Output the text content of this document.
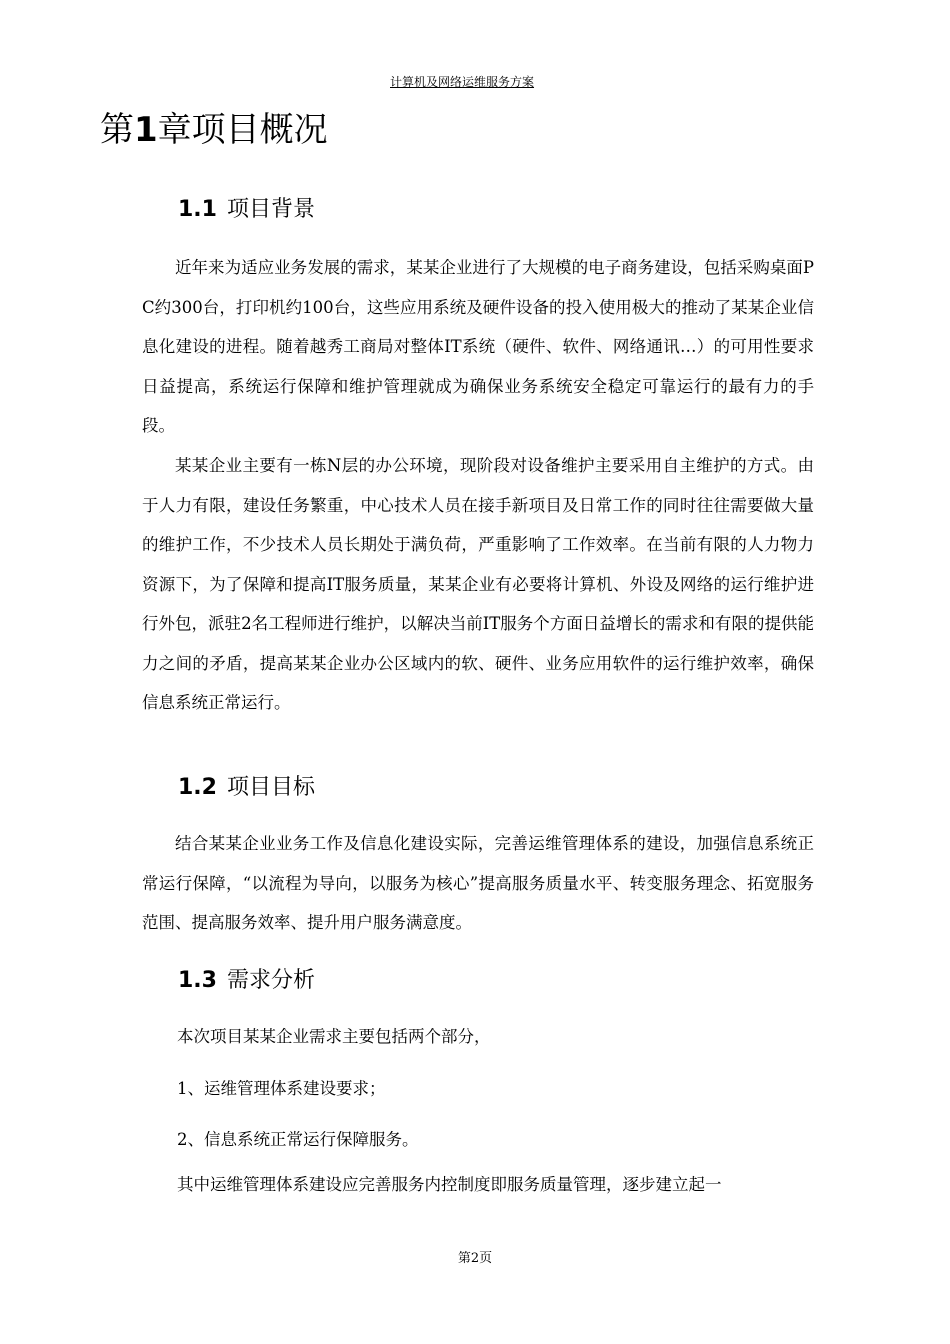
计算机及网络运维服务方案
第1章项目概况
1.1 项目背景

近年来为适应业务发展的需求，某某企业进行了大规模的电子商务建设，包括采购桌面PC约300台，打印机约100台，这些应用系统及硬件设备的投入使用极大的推动了某某企业信息化建设的进程。随着越秀工商局对整体IT系统（硬件、软件、网络通讯…）的可用性要求日益提高，系统运行保障和维护管理就成为确保业务系统安全稳定可靠运行的最有力的手段。

某某企业主要有一栋N层的办公环境，现阶段对设备维护主要采用自主维护的方式。由于人力有限，建设任务繁重，中心技术人员在接手新项目及日常工作的同时往往需要做大量的维护工作，不少技术人员长期处于满负荷，严重影响了工作效率。在当前有限的人力物力资源下，为了保障和提高IT服务质量，某某企业有必要将计算机、外设及网络的运行维护进行外包，派驻2名工程师进行维护，以解决当前IT服务个方面日益增长的需求和有限的提供能力之间的矛盾，提高某某企业办公区域内的软、硬件、业务应用软件的运行维护效率，确保信息系统正常运行。

1.2 项目目标

结合某某企业业务工作及信息化建设实际，完善运维管理体系的建设，加强信息系统正常运行保障，“以流程为导向，以服务为核心”提高服务质量水平、转变服务理念、拓宽服务范围、提高服务效率、提升用户服务满意度。

1.3 需求分析

本次项目某某企业需求主要包括两个部分，

1、运维管理体系建设要求；

2、信息系统正常运行保障服务。

其中运维管理体系建设应完善服务内控制度即服务质量管理，逐步建立起一

第2页
